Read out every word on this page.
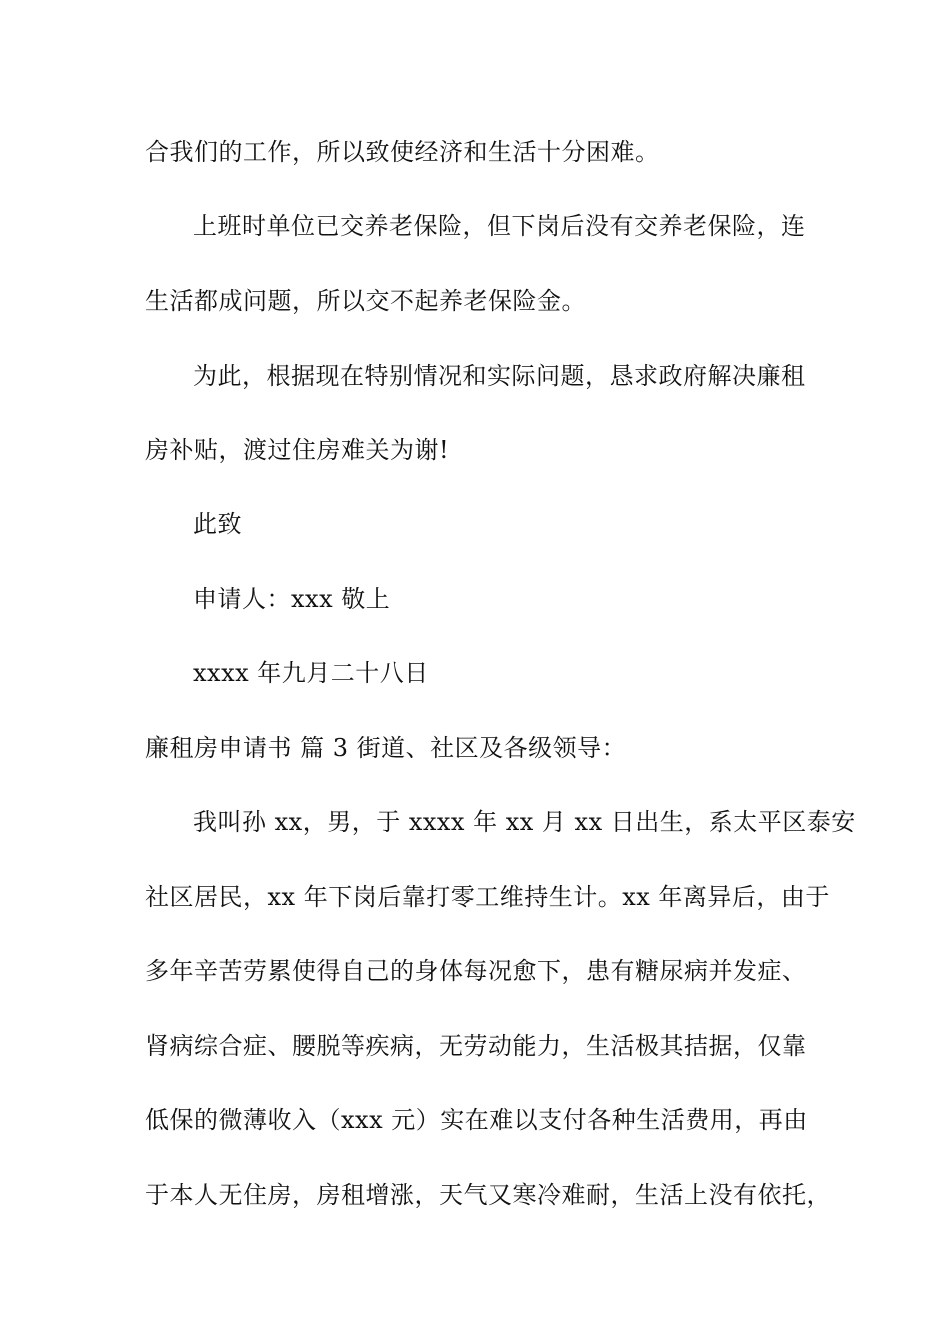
合我们的工作，所以致使经济和生活十分困难。
上班时单位已交养老保险，但下岗后没有交养老保险，连
生活都成问题，所以交不起养老保险金。
为此，根据现在特别情况和实际问题，恳求政府解决廉租
房补贴，渡过住房难关为谢!
此致
申请人：xxx 敬上
xxxx 年九月二十八日
廉租房申请书 篇 3 街道、社区及各级领导：
我叫孙 xx，男，于 xxxx 年 xx 月 xx 日出生，系太平区泰安
社区居民，xx 年下岗后靠打零工维持生计。xx 年离异后，由于
多年辛苦劳累使得自己的身体每况愈下，患有糖尿病并发症、
肾病综合症、腰脱等疾病，无劳动能力，生活极其拮据，仅靠
低保的微薄收入（xxx 元）实在难以支付各种生活费用，再由
于本人无住房，房租增涨，天气又寒冷难耐，生活上没有依托，
